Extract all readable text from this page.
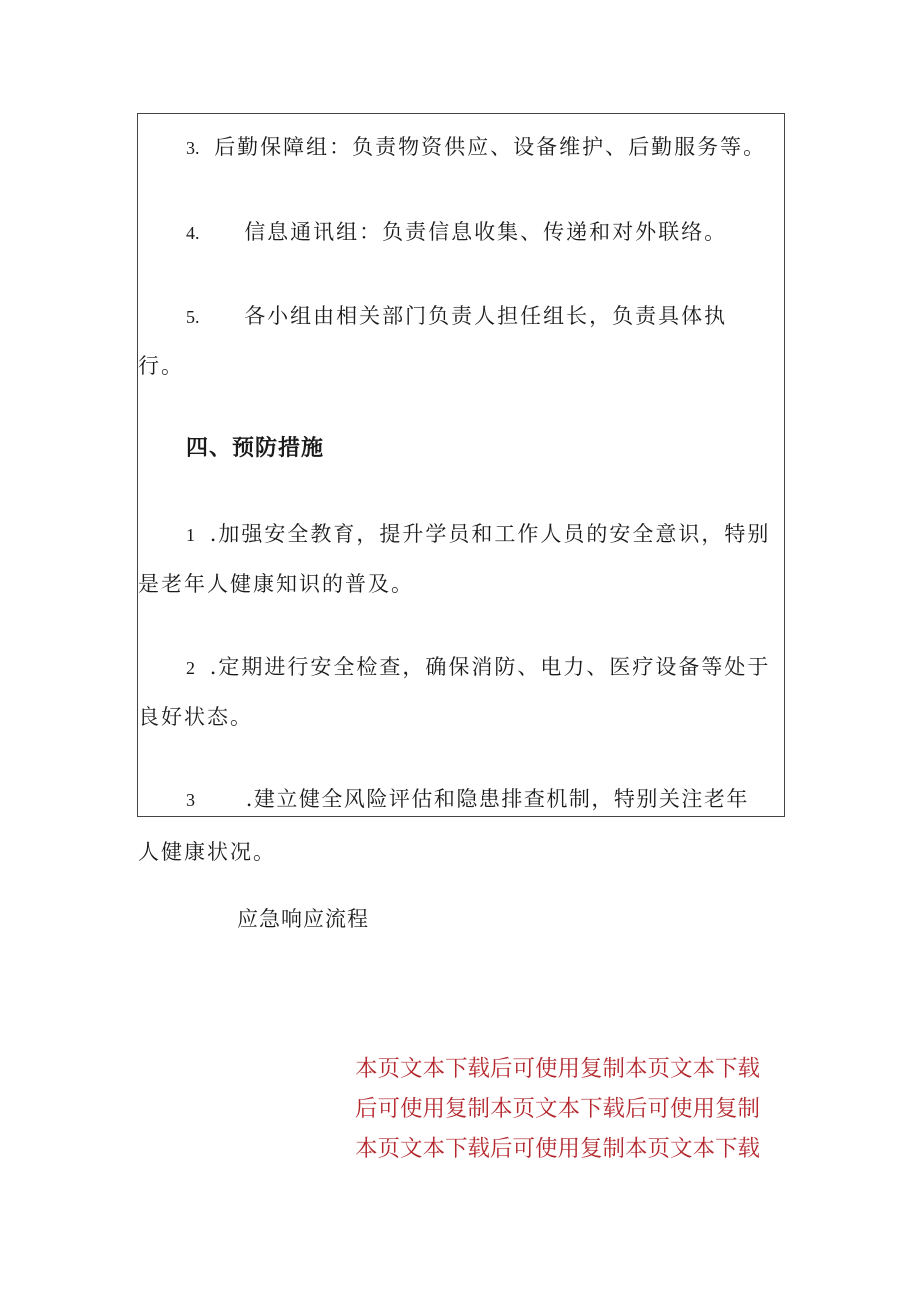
3. 后勤保障组：负责物资供应、设备维护、后勤服务等。
4. 信息通讯组：负责信息收集、传递和对外联络。
5. 各小组由相关部门负责人担任组长，负责具体执
行。
四、预防措施
1 .加强安全教育，提升学员和工作人员的安全意识，特别
是老年人健康知识的普及。
2 .定期进行安全检查，确保消防、电力、医疗设备等处于
良好状态。
3 .建立健全风险评估和隐患排查机制，特别关注老年
人健康状况。
应急响应流程
本页文本下载后可使用复制本页文本下载
后可使用复制本页文本下载后可使用复制
本页文本下载后可使用复制本页文本下载
